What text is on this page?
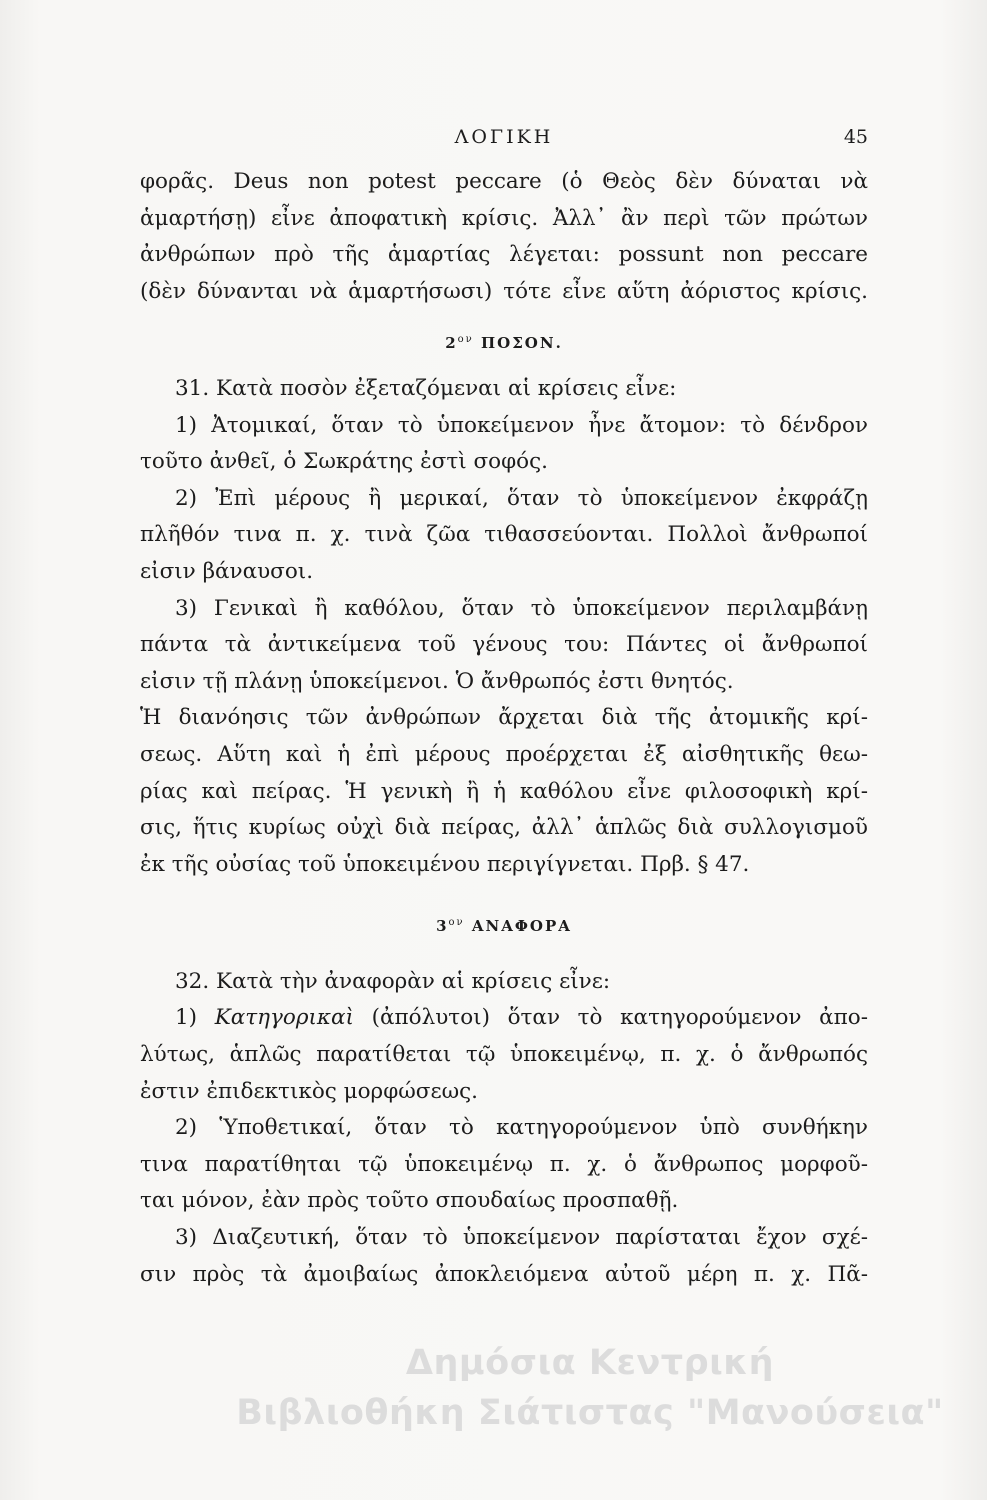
ΛΟΓΙΚΗ	45
φορᾶς. Deus non potest peccare (ὁ Θεὸς δὲν δύναται νὰ
ἁμαρτήσῃ) εἶνε ἀποφατικὴ κρίσις. Ἀλλ᾽ ἂν περὶ τῶν πρώτων
ἀνθρώπων πρὸ τῆς ἁμαρτίας λέγεται: possunt non peccare
(δὲν δύνανται νὰ ἁμαρτήσωσι) τότε εἶνε αὕτη ἀόριστος κρίσις.
$2^{o\nu}$ ΠΟΣΟΝ.
31. Κατὰ ποσὸν ἐξεταζόμεναι αἱ κρίσεις εἶνε:
1) Ἀτομικαί, ὅταν τὸ ὑποκείμενον ἦνε ἄτομον: τὸ δένδρον
τοῦτο ἀνθεῖ, ὁ Σωκράτης ἐστὶ σοφός.
2) Ἐπὶ μέρους ἢ μερικαί, ὅταν τὸ ὑποκείμενον ἐκφράζῃ
πλῆθόν τινα π. χ. τινὰ ζῶα τιθασσεύονται. Πολλοὶ ἄνθρωποί
εἰσιν βάναυσοι.
3) Γενικαὶ ἢ καθόλου, ὅταν τὸ ὑποκείμενον περιλαμβάνῃ
πάντα τὰ ἀντικείμενα τοῦ γένους του: Πάντες οἱ ἄνθρωποί
εἰσιν τῇ πλάνῃ ὑποκείμενοι. Ὁ ἄνθρωπός ἐστι θνητός.
Ἡ διανόησις τῶν ἀνθρώπων ἄρχεται διὰ τῆς ἀτομικῆς κρί-
σεως. Αὕτη καὶ ἡ ἐπὶ μέρους προέρχεται ἐξ αἰσθητικῆς θεω-
ρίας καὶ πείρας. Ἡ γενικὴ ἢ ἡ καθόλου εἶνε φιλοσοφικὴ κρί-
σις, ἥτις κυρίως οὐχὶ διὰ πείρας, ἀλλ᾽ ἁπλῶς διὰ συλλογισμοῦ
ἐκ τῆς οὐσίας τοῦ ὑποκειμένου περιγίγνεται. Πρβ. § 47.
$3^{o\nu}$ ΑΝΑΦΟΡΑ
32. Κατὰ τὴν ἀναφορὰν αἱ κρίσεις εἶνε:
1) Κατηγορικαὶ (ἀπόλυτοι) ὅταν τὸ κατηγορούμενον ἀπο-
λύτως, ἁπλῶς παρατίθεται τῷ ὑποκειμένῳ, π. χ. ὁ ἄνθρωπός
ἐστιν ἐπιδεκτικὸς μορφώσεως.
2) Ὑποθετικαί, ὅταν τὸ κατηγορούμενον ὑπὸ συνθήκην
τινα παρατίθηται τῷ ὑποκειμένῳ π. χ. ὁ ἄνθρωπος μορφοῦ-
ται μόνον, ἐὰν πρὸς τοῦτο σπουδαίως προσπαθῇ.
3) Διαζευτική, ὅταν τὸ ὑποκείμενον παρίσταται ἔχον σχέ-
σιν πρὸς τὰ ἀμοιβαίως ἀποκλειόμενα αὐτοῦ μέρη π. χ. Πᾶ-
Δημόσια Κεντρική
Βιβλιοθήκη Σιάτιστας "Μανούσεια"
